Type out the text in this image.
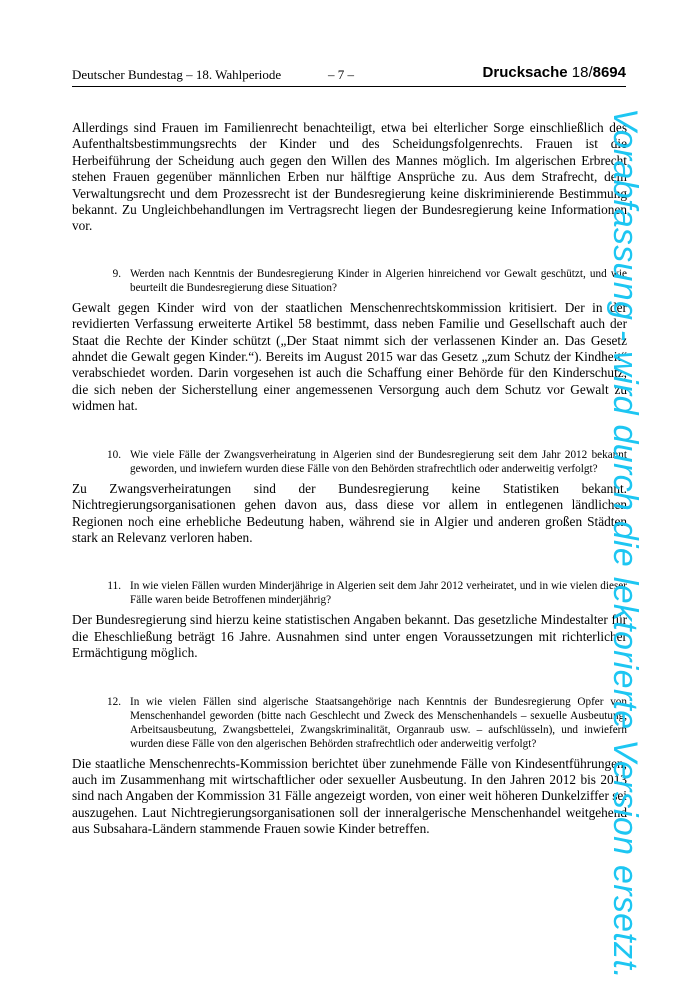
Deutscher Bundestag – 18. Wahlperiode	– 7 –	Drucksache 18/8694

Allerdings sind Frauen im Familienrecht benachteiligt, etwa bei elterlicher Sorge einschließlich des Aufenthaltsbestimmungsrechts der Kinder und des Scheidungsfolgenrechts. Frauen ist die Herbeiführung der Scheidung auch gegen den Willen des Mannes möglich. Im algerischen Erbrecht stehen Frauen gegenüber männlichen Erben nur hälftige Ansprüche zu. Aus dem Strafrecht, dem Verwaltungsrecht und dem Prozessrecht ist der Bundesregierung keine diskriminierende Bestimmung bekannt. Zu Ungleichbehandlungen im Vertragsrecht liegen der Bundesregierung keine Informationen vor.

9. Werden nach Kenntnis der Bundesregierung Kinder in Algerien hinreichend vor Gewalt geschützt, und wie beurteilt die Bundesregierung diese Situation?

Gewalt gegen Kinder wird von der staatlichen Menschenrechtskommission kritisiert. Der in der revidierten Verfassung erweiterte Artikel 58 bestimmt, dass neben Familie und Gesellschaft auch der Staat die Rechte der Kinder schützt („Der Staat nimmt sich der verlassenen Kinder an. Das Gesetz ahndet die Gewalt gegen Kinder.“). Bereits im August 2015 war das Gesetz „zum Schutz der Kindheit“ verabschiedet worden. Darin vorgesehen ist auch die Schaffung einer Behörde für den Kinderschutz, die sich neben der Sicherstellung einer angemessenen Versorgung auch dem Schutz vor Gewalt zu widmen hat.

10. Wie viele Fälle der Zwangsverheiratung in Algerien sind der Bundesregierung seit dem Jahr 2012 bekannt geworden, und inwiefern wurden diese Fälle von den Behörden strafrechtlich oder anderweitig verfolgt?

Zu Zwangsverheiratungen sind der Bundesregierung keine Statistiken bekannt. Nichtregierungsorganisationen gehen davon aus, dass diese vor allem in entlegenen ländlichen Regionen noch eine erhebliche Bedeutung haben, während sie in Algier und anderen großen Städten stark an Relevanz verloren haben.

11. In wie vielen Fällen wurden Minderjährige in Algerien seit dem Jahr 2012 verheiratet, und in wie vielen dieser Fälle waren beide Betroffenen minderjährig?

Der Bundesregierung sind hierzu keine statistischen Angaben bekannt. Das gesetzliche Mindestalter für die Eheschließung beträgt 16 Jahre. Ausnahmen sind unter engen Voraussetzungen mit richterlicher Ermächtigung möglich.

12. In wie vielen Fällen sind algerische Staatsangehörige nach Kenntnis der Bundesregierung Opfer von Menschenhandel geworden (bitte nach Geschlecht und Zweck des Menschenhandels – sexuelle Ausbeutung, Arbeitsausbeutung, Zwangsbettelei, Zwangskriminalität, Organraub usw. – aufschlüsseln), und inwiefern wurden diese Fälle von den algerischen Behörden strafrechtlich oder anderweitig verfolgt?

Die staatliche Menschenrechts-Kommission berichtet über zunehmende Fälle von Kindesentführungen, auch im Zusammenhang mit wirtschaftlicher oder sexueller Ausbeutung. In den Jahren 2012 bis 2013 sind nach Angaben der Kommission 31 Fälle angezeigt worden, von einer weit höheren Dunkelziffer sei auszugehen. Laut Nichtregierungsorganisationen soll der inneralgerische Menschenhandel weitgehend aus Subsahara-Ländern stammende Frauen sowie Kinder betreffen.	Vorabfassung - wird durch die lektorierte Version ersetzt.
